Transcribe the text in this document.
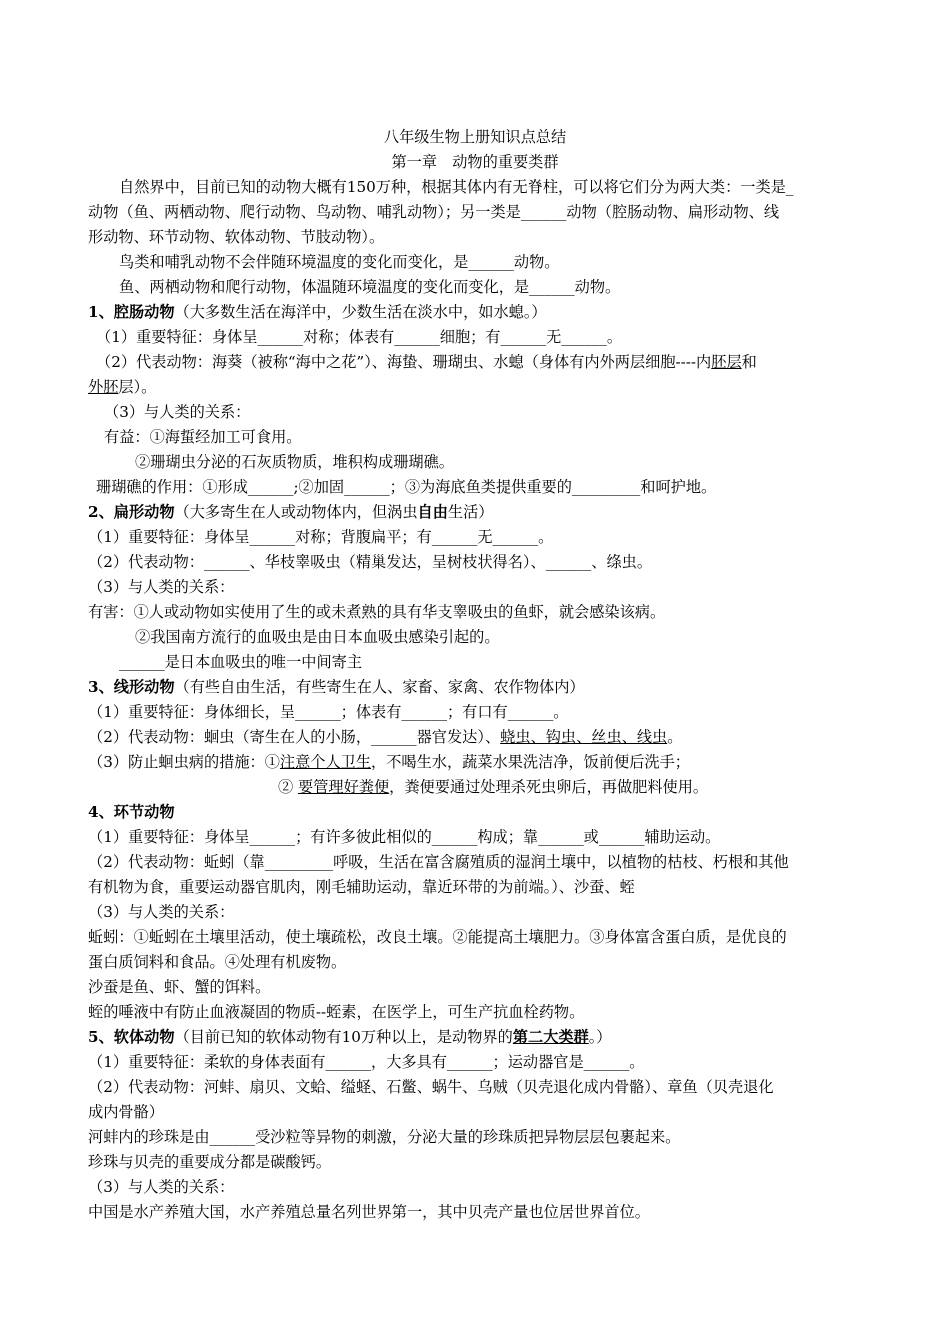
八年级生物上册知识点总结
第一章　动物的重要类群
自然界中，目前已知的动物大概有150万种，根据其体内有无脊柱，可以将它们分为两大类：一类是_
动物（鱼、两栖动物、爬行动物、鸟动物、哺乳动物）；另一类是______动物（腔肠动物、扁形动物、线
形动物、环节动物、软体动物、节肢动物）。
鸟类和哺乳动物不会伴随环境温度的变化而变化，是______动物。
鱼、两栖动物和爬行动物，体温随环境温度的变化而变化，是______动物。
1、腔肠动物（大多数生活在海洋中，少数生活在淡水中，如水螅。）
（1）重要特征：身体呈______对称；体表有______细胞；有______无______。
（2）代表动物：海葵（被称“海中之花”）、海蛰、珊瑚虫、水螅（身体有内外两层细胞----内胚层和
外胚层）。
（3）与人类的关系：
有益：①海蜇经加工可食用。
②珊瑚虫分泌的石灰质物质，堆积构成珊瑚礁。
珊瑚礁的作用：①形成______;②加固______；③为海底鱼类提供重要的_________和呵护地。
2、扁形动物（大多寄生在人或动物体内，但涡虫自由生活）
（1）重要特征：身体呈______对称；背腹扁平；有______无______。
（2）代表动物：______、华枝睾吸虫（精巢发达，呈树枝状得名）、______、绦虫。
（3）与人类的关系：
有害：①人或动物如实使用了生的或未煮熟的具有华支睾吸虫的鱼虾，就会感染该病。
②我国南方流行的血吸虫是由日本血吸虫感染引起的。
______是日本血吸虫的唯一中间寄主
3、线形动物（有些自由生活，有些寄生在人、家畜、家禽、农作物体内）
（1）重要特征：身体细长，呈______；体表有______；有口有______。
（2）代表动物：蛔虫（寄生在人的小肠，______器官发达）、蛲虫、钩虫、丝虫、线虫。
（3）防止蛔虫病的措施：①注意个人卫生，不喝生水，蔬菜水果洗洁净，饭前便后洗手；
② 要管理好粪便，粪便要通过处理杀死虫卵后，再做肥料使用。
4、环节动物
（1）重要特征：身体呈______；有许多彼此相似的______构成；靠______或______辅助运动。
（2）代表动物：蚯蚓（靠_________呼吸，生活在富含腐殖质的湿润土壤中，以植物的枯枝、朽根和其他
有机物为食，重要运动器官肌肉，刚毛辅助运动，靠近环带的为前端。）、沙蚕、蛭
（3）与人类的关系：
蚯蚓：①蚯蚓在土壤里活动，使土壤疏松，改良土壤。②能提高土壤肥力。③身体富含蛋白质，是优良的
蛋白质饲料和食品。④处理有机废物。
沙蚕是鱼、虾、蟹的饵料。
蛭的唾液中有防止血液凝固的物质--蛭素，在医学上，可生产抗血栓药物。
5、软体动物（目前已知的软体动物有10万种以上，是动物界的第二大类群。）
（1）重要特征：柔软的身体表面有______，大多具有______；运动器官是______。
（2）代表动物：河蚌、扇贝、文蛤、缢蛏、石鳖、蜗牛、乌贼（贝壳退化成内骨骼）、章鱼（贝壳退化
成内骨骼）
河蚌内的珍珠是由______受沙粒等异物的刺激，分泌大量的珍珠质把异物层层包裹起来。
珍珠与贝壳的重要成分都是碳酸钙。
（3）与人类的关系：
中国是水产养殖大国，水产养殖总量名列世界第一，其中贝壳产量也位居世界首位。
